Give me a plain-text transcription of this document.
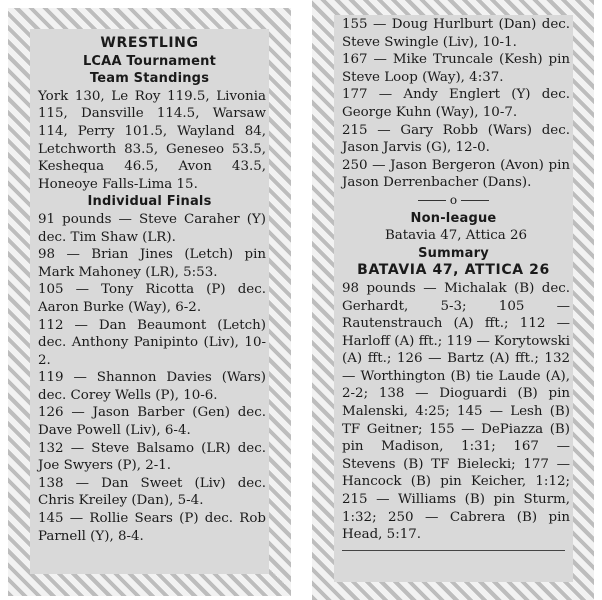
WRESTLING

LCAA Tournament

Team Standings

York 130, Le Roy 119.5, Livonia 115, Dansville 114.5, Warsaw 114, Perry 101.5, Wayland 84, Letchworth 83.5, Geneseo 53.5, Keshequa 46.5, Avon 43.5, Honeoye Falls-Lima 15.

Individual Finals

91 pounds — Steve Caraher (Y) dec. Tim Shaw (LR).

98 — Brian Jines (Letch) pin Mark Mahoney (LR), 5:53.

105 — Tony Ricotta (P) dec. Aaron Burke (Way), 6-2.

112 — Dan Beaumont (Letch) dec. Anthony Panipinto (Liv), 10-2.

119 — Shannon Davies (Wars) dec. Corey Wells (P), 10-6.

126 — Jason Barber (Gen) dec. Dave Powell (Liv), 6-4.

132 — Steve Balsamo (LR) dec. Joe Swyers (P), 2-1.

138 — Dan Sweet (Liv) dec. Chris Kreiley (Dan), 5-4.

145 — Rollie Sears (P) dec. Rob Parnell (Y), 8-4.

155 — Doug Hurlburt (Dan) dec. Steve Swingle (Liv), 10-1.

167 — Mike Truncale (Kesh) pin Steve Loop (Way), 4:37.

177 — Andy Englert (Y) dec. George Kuhn (Way), 10-7.

215 — Gary Robb (Wars) dec. Jason Jarvis (G), 12-0.

250 — Jason Bergeron (Avon) pin Jason Derrenbacher (Dans).

o

Non-league

Batavia 47, Attica 26

Summary

BATAVIA 47, ATTICA 26

98 pounds — Michalak (B) dec. Gerhardt, 5-3; 105 — Rautenstrauch (A) fft.; 112 — Harloff (A) fft.; 119 — Korytowski (A) fft.; 126 — Bartz (A) fft.; 132 — Worthington (B) tie Laude (A), 2-2; 138 — Dioguardi (B) pin Malenski, 4:25; 145 — Lesh (B) TF Geitner; 155 — DePiazza (B) pin Madison, 1:31; 167 — Stevens (B) TF Bielecki; 177 — Hancock (B) pin Keicher, 1:12; 215 — Williams (B) pin Sturm, 1:32; 250 — Cabrera (B) pin Head, 5:17.
